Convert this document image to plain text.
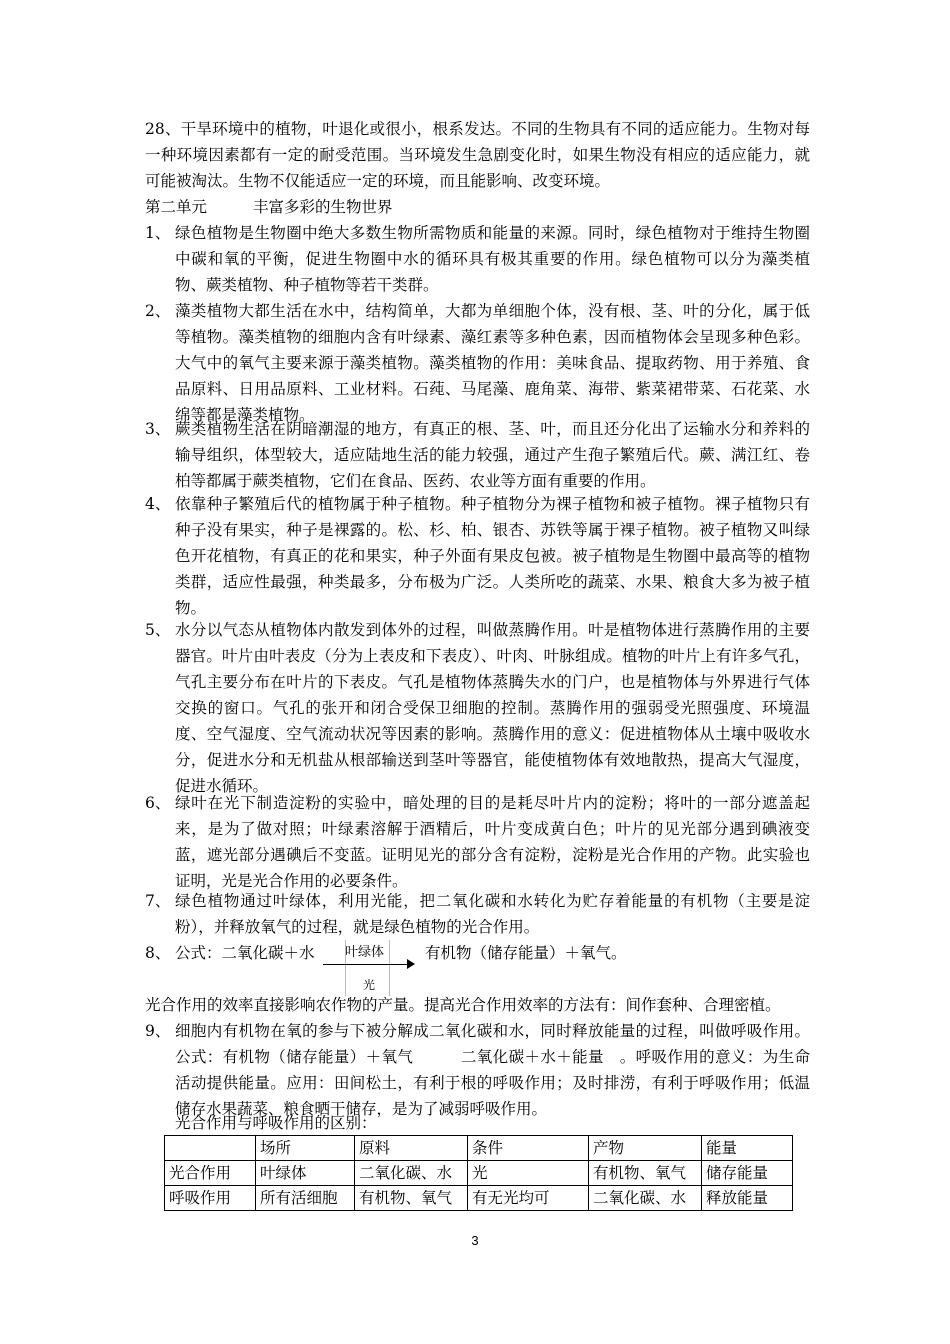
28、干旱环境中的植物，叶退化或很小，根系发达。不同的生物具有不同的适应能力。生物对每一种环境因素都有一定的耐受范围。当环境发生急剧变化时，如果生物没有相应的适应能力，就可能被淘汰。生物不仅能适应一定的环境，而且能影响、改变环境。
第二单元	丰富多彩的生物世界
1、 绿色植物是生物圈中绝大多数生物所需物质和能量的来源。同时，绿色植物对于维持生物圈中碳和氧的平衡，促进生物圈中水的循环具有极其重要的作用。绿色植物可以分为藻类植物、蕨类植物、种子植物等若干类群。
2、 藻类植物大都生活在水中，结构简单，大都为单细胞个体，没有根、茎、叶的分化，属于低等植物。藻类植物的细胞内含有叶绿素、藻红素等多种色素，因而植物体会呈现多种色彩。大气中的氧气主要来源于藻类植物。藻类植物的作用：美味食品、提取药物、用于养殖、食品原料、日用品原料、工业材料。石莼、马尾藻、鹿角菜、海带、紫菜裙带菜、石花菜、水绵等都是藻类植物。
3、 蕨类植物生活在阴暗潮湿的地方，有真正的根、茎、叶，而且还分化出了运输水分和养料的输导组织，体型较大，适应陆地生活的能力较强，通过产生孢子繁殖后代。蕨、满江红、卷柏等都属于蕨类植物，它们在食品、医药、农业等方面有重要的作用。
4、 依靠种子繁殖后代的植物属于种子植物。种子植物分为裸子植物和被子植物。裸子植物只有种子没有果实，种子是裸露的。松、杉、柏、银杏、苏铁等属于裸子植物。被子植物又叫绿色开花植物，有真正的花和果实，种子外面有果皮包被。被子植物是生物圈中最高等的植物类群，适应性最强，种类最多，分布极为广泛。人类所吃的蔬菜、水果、粮食大多为被子植物。
5、 水分以气态从植物体内散发到体外的过程，叫做蒸腾作用。叶是植物体进行蒸腾作用的主要器官。叶片由叶表皮（分为上表皮和下表皮）、叶肉、叶脉组成。植物的叶片上有许多气孔，气孔主要分布在叶片的下表皮。气孔是植物体蒸腾失水的门户，也是植物体与外界进行气体交换的窗口。气孔的张开和闭合受保卫细胞的控制。蒸腾作用的强弱受光照强度、环境温度、空气湿度、空气流动状况等因素的影响。蒸腾作用的意义：促进植物体从土壤中吸收水分，促进水分和无机盐从根部输送到茎叶等器官，能使植物体有效地散热，提高大气湿度，促进水循环。
6、 绿叶在光下制造淀粉的实验中，暗处理的目的是耗尽叶片内的淀粉；将叶的一部分遮盖起来，是为了做对照；叶绿素溶解于酒精后，叶片变成黄白色；叶片的见光部分遇到碘液变蓝，遮光部分遇碘后不变蓝。证明见光的部分含有淀粉，淀粉是光合作用的产物。此实验也证明，光是光合作用的必要条件。
7、 绿色植物通过叶绿体，利用光能，把二氧化碳和水转化为贮存着能量的有机物（主要是淀粉），并释放氧气的过程，就是绿色植物的光合作用。
8、 公式：二氧化碳＋水 叶绿体
光
有机物（储存能量）＋氧气。
光合作用的效率直接影响农作物的产量。提高光合作用效率的方法有：间作套种、合理密植。
9、 细胞内有机物在氧的参与下被分解成二氧化碳和水，同时释放能量的过程，叫做呼吸作用。公式：有机物（储存能量）＋氧气　　　二氧化碳＋水＋能量　。呼吸作用的意义：为生命活动提供能量。应用：田间松土，有利于根的呼吸作用；及时排涝，有利于呼吸作用；低温储存水果蔬菜、粮食晒干储存，是为了减弱呼吸作用。
光合作用与呼吸作用的区别：
	场所	原料	条件	产物	能量
光合作用	叶绿体	二氧化碳、水	光	有机物、氧气	储存能量
呼吸作用	所有活细胞	有机物、氧气	有无光均可	二氧化碳、水	释放能量
3
